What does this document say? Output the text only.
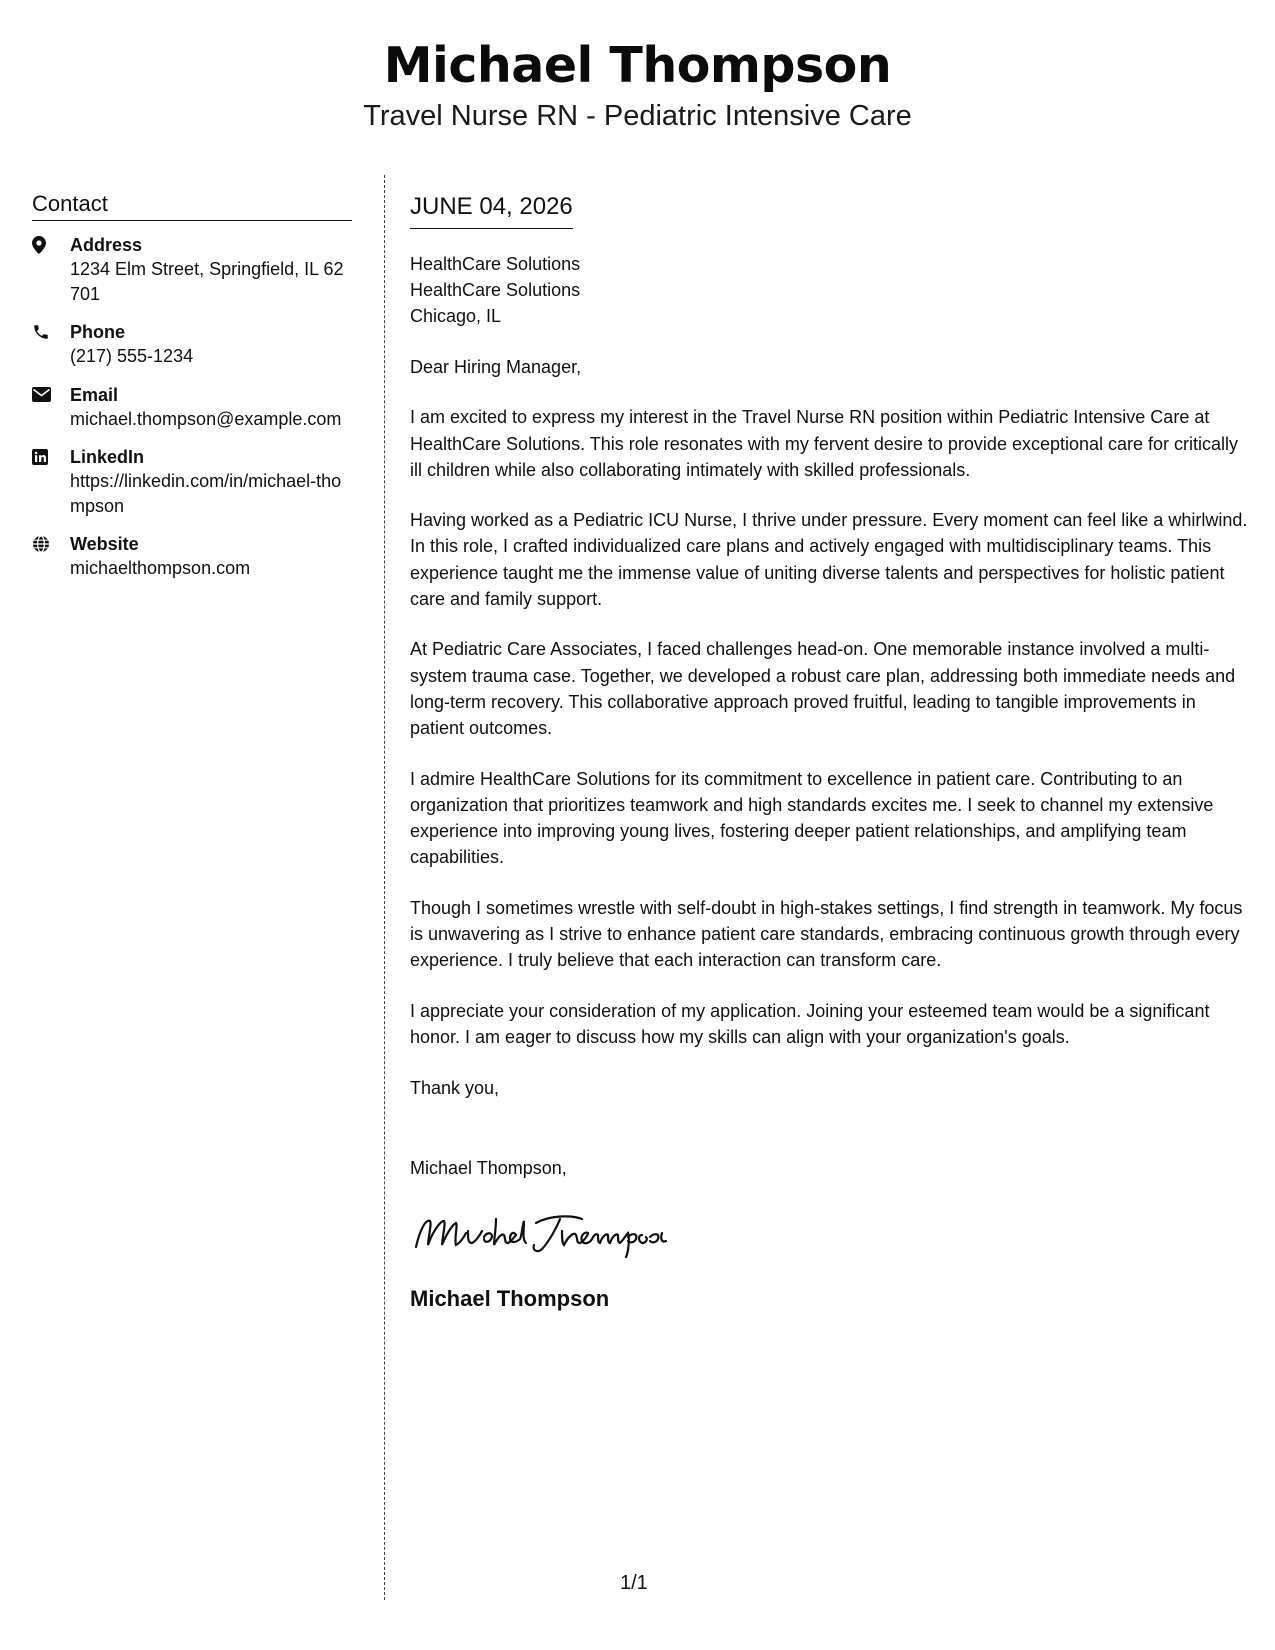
Michael Thompson
Travel Nurse RN - Pediatric Intensive Care
Contact
Address
1234 Elm Street, Springfield, IL 62701
Phone
(217) 555-1234
Email
michael.thompson@example.com
LinkedIn
https://linkedin.com/in/michael-thompson
Website
michaelthompson.com
JUNE 04, 2026
HealthCare Solutions
HealthCare Solutions
Chicago, IL
Dear Hiring Manager,

I am excited to express my interest in the Travel Nurse RN position within Pediatric Intensive Care at HealthCare Solutions. This role resonates with my fervent desire to provide exceptional care for critically ill children while also collaborating intimately with skilled professionals.

Having worked as a Pediatric ICU Nurse, I thrive under pressure. Every moment can feel like a whirlwind. In this role, I crafted individualized care plans and actively engaged with multidisciplinary teams. This experience taught me the immense value of uniting diverse talents and perspectives for holistic patient care and family support.

At Pediatric Care Associates, I faced challenges head-on. One memorable instance involved a multi-system trauma case. Together, we developed a robust care plan, addressing both immediate needs and long-term recovery. This collaborative approach proved fruitful, leading to tangible improvements in patient outcomes.

I admire HealthCare Solutions for its commitment to excellence in patient care. Contributing to an organization that prioritizes teamwork and high standards excites me. I seek to channel my extensive experience into improving young lives, fostering deeper patient relationships, and amplifying team capabilities.

Though I sometimes wrestle with self-doubt in high-stakes settings, I find strength in teamwork. My focus is unwavering as I strive to enhance patient care standards, embracing continuous growth through every experience. I truly believe that each interaction can transform care.

I appreciate your consideration of my application. Joining your esteemed team would be a significant honor. I am eager to discuss how my skills can align with your organization's goals.

Thank you,
Michael Thompson,
Michael Thompson
1/1
